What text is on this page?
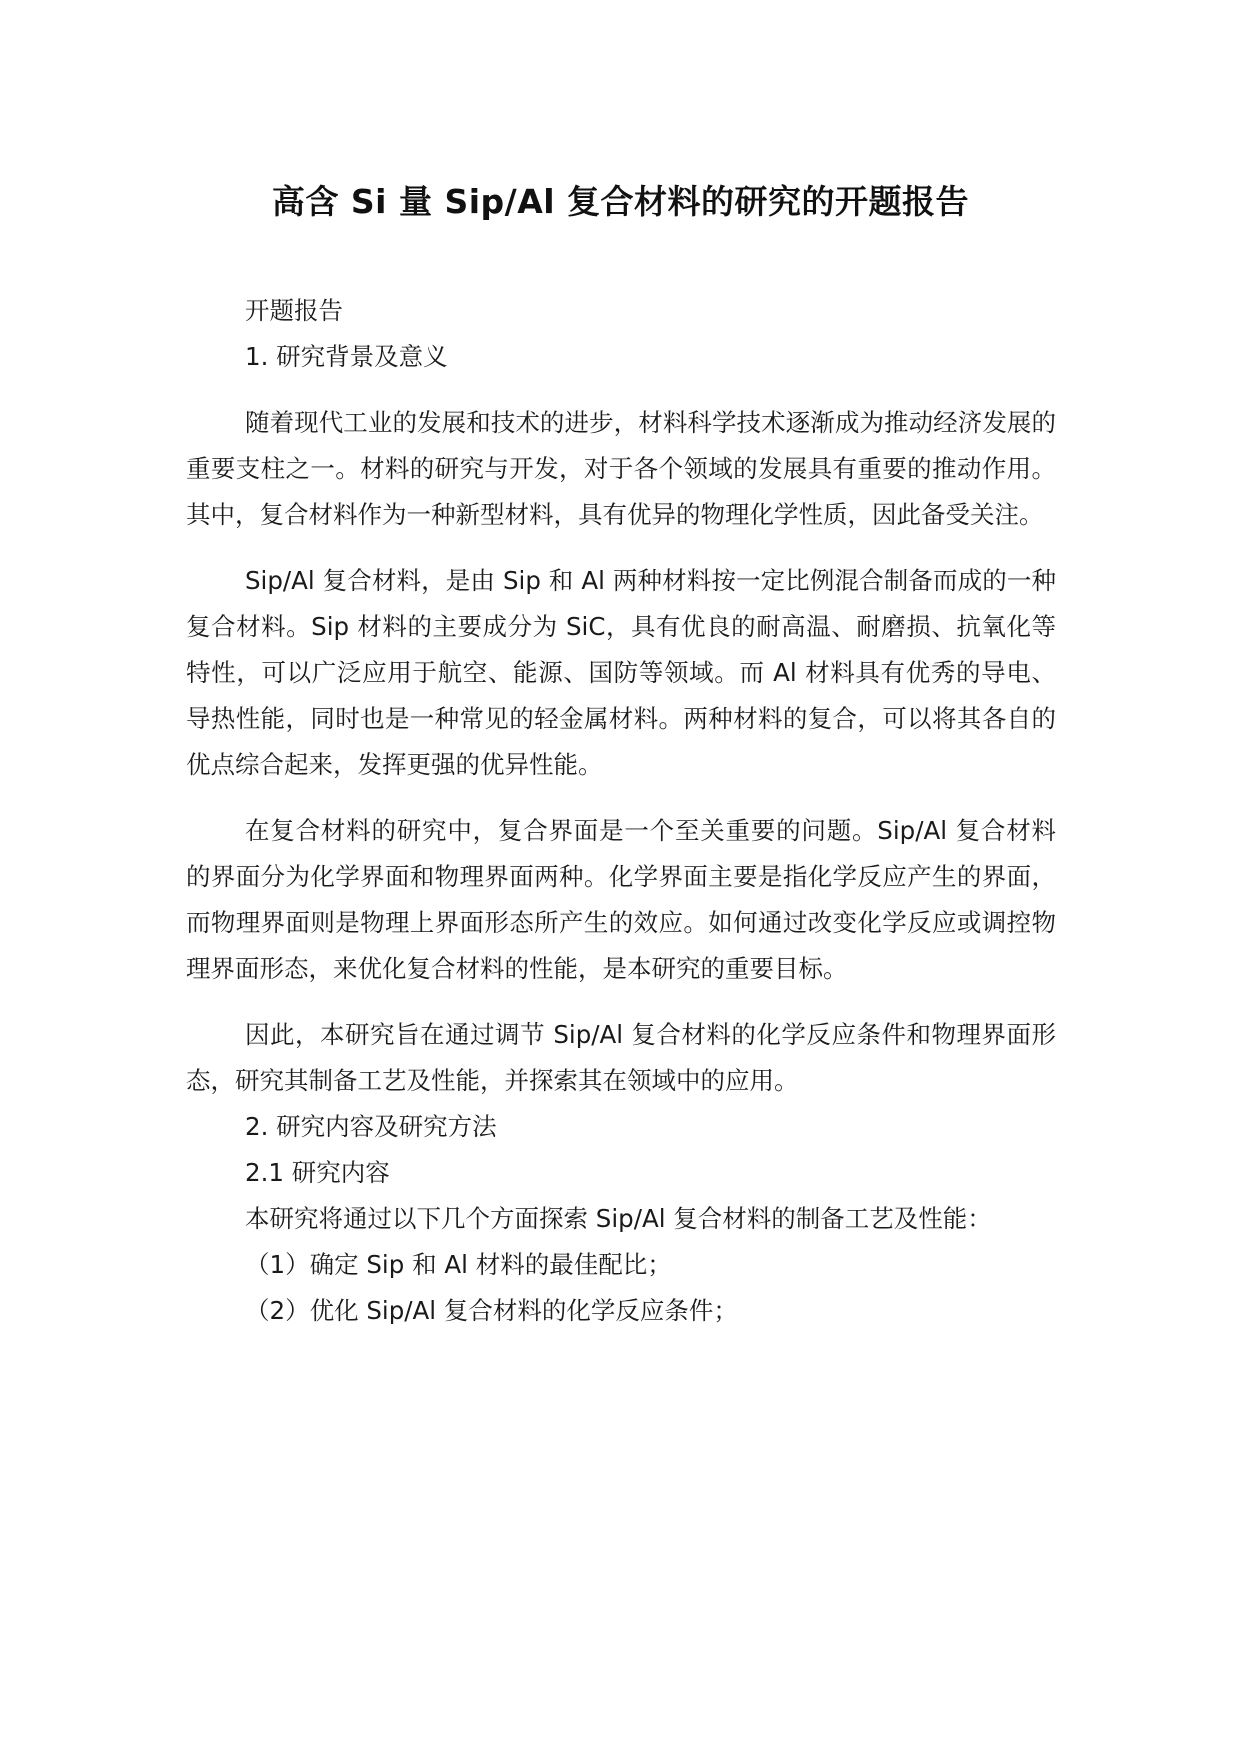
高含 Si 量 Sip/Al 复合材料的研究的开题报告

开题报告

1. 研究背景及意义

随着现代工业的发展和技术的进步，材料科学技术逐渐成为推动经济发展的重要支柱之一。材料的研究与开发，对于各个领域的发展具有重要的推动作用。其中，复合材料作为一种新型材料，具有优异的物理化学性质，因此备受关注。

Sip/Al 复合材料，是由 Sip 和 Al 两种材料按一定比例混合制备而成的一种复合材料。Sip 材料的主要成分为 SiC，具有优良的耐高温、耐磨损、抗氧化等特性，可以广泛应用于航空、能源、国防等领域。而 Al 材料具有优秀的导电、导热性能，同时也是一种常见的轻金属材料。两种材料的复合，可以将其各自的优点综合起来，发挥更强的优异性能。

在复合材料的研究中，复合界面是一个至关重要的问题。Sip/Al 复合材料的界面分为化学界面和物理界面两种。化学界面主要是指化学反应产生的界面，而物理界面则是物理上界面形态所产生的效应。如何通过改变化学反应或调控物理界面形态，来优化复合材料的性能，是本研究的重要目标。

因此，本研究旨在通过调节 Sip/Al 复合材料的化学反应条件和物理界面形态，研究其制备工艺及性能，并探索其在领域中的应用。

2. 研究内容及研究方法

2.1 研究内容

本研究将通过以下几个方面探索 Sip/Al 复合材料的制备工艺及性能：

（1）确定 Sip 和 Al 材料的最佳配比；

（2）优化 Sip/Al 复合材料的化学反应条件；
